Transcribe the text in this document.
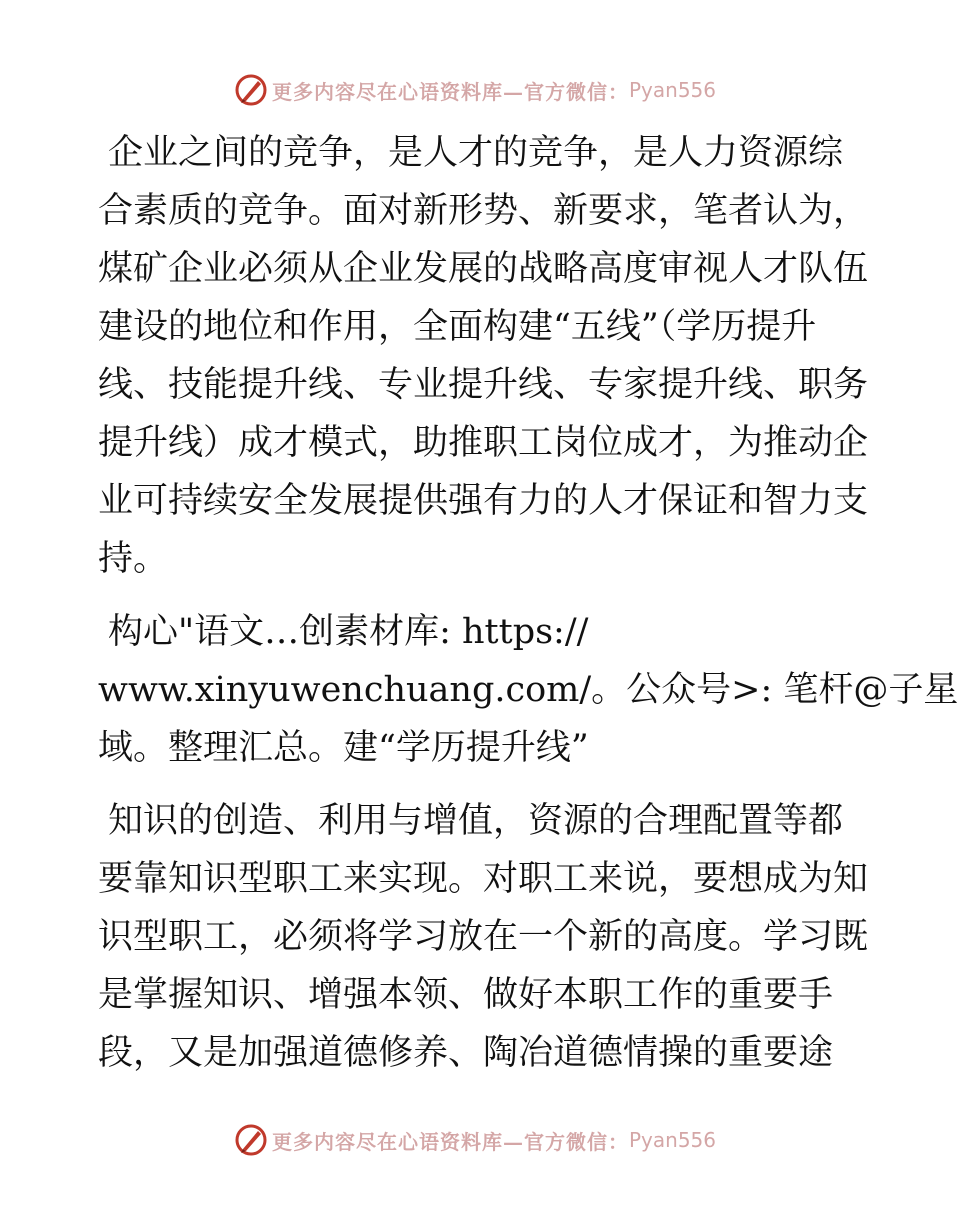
更多内容尽在心语资料库—官方微信： Pyan556
企业之间的竞争，是人才的竞争，是人力资源综
合素质的竞争。面对新形势、新要求，笔者认为，
煤矿企业必须从企业发展的战略高度审视人才队伍
建设的地位和作用，全面构建“五线”（学历提升
线、技能提升线、专业提升线、专家提升线、职务
提升线）成才模式，助推职工岗位成才，为推动企
业可持续安全发展提供强有力的人才保证和智力支
持。
构心"语文…创素材库: https://
www.xinyuwenchuang.com/。公众号>: 笔杆@子星
域。整理汇总。建“学历提升线”
知识的创造、利用与增值，资源的合理配置等都
要靠知识型职工来实现。对职工来说，要想成为知
识型职工，必须将学习放在一个新的高度。学习既
是掌握知识、增强本领、做好本职工作的重要手
段，又是加强道德修养、陶冶道德情操的重要途
更多内容尽在心语资料库—官方微信： Pyan556
